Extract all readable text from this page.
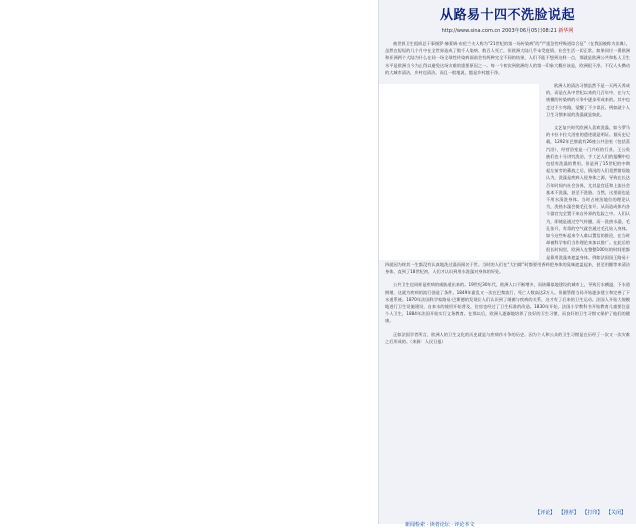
从路易十四不洗脸说起
http://www.sina.com.cn 2003年06月05日08:21 新华网

被世界卫生组织总干事指罗·赫莱姆·布伦兰夫人称为“21世纪的第一场传染病”的“严重急性呼吸道综合征”（在我国被称为非典），虽然在短短的几个月中在全世界造成了数千人染病、数百人死亡，但欧洲大陆几乎未受疫情。社会生活一切正常。如果同讨一番欧洲和亚洲两个大陆为什么在同一场全球性传染病面前会有两种完全不同的结果，人们不能不想到这样一点，那就是欧洲公共和私人卫生水平是欧洲当今为止得以避免这场灾难的重要原因之一。每一个初次到欧洲的人的第一印象大概应该是，欧洲很干净。不仅人头攒动的大城市清洁，乡村也清洁。而且一般地说，越是乡村越干净。

欧洲人的清洁习惯虽然不是一天两天养成的，而是在从中世纪以来的几百年中，在与大规模的传染病的斗争中逐步形成来的。其中也走过不少弯路，觉醒了不少误区。例如就个人卫生习惯来说的洗澡就是如此。

文艺复兴时代欧洲人喜欢洗澡。如今罗马的卡拉卡拉大浴室的遗迹就是明证。据历史记载，1292年巴黎就有26座公共浴室（包括蒸汽浴），经营浴室是一门兴旺的行业。王公贵族们也十分讲究洗浴，手工艺人们的报酬中也包括有洗澡的费用。但是到了15世纪的中期起左前旁的蓄放之后，情况的人们竟然错误地认为，洗澡是疾病入侵身体之源，导致在长达百年时间内社会各界，尤其是宫廷和上流社会基本不洗澡，甚至不洗脸。当然，这里面也是不用水清洗身体。当时占统治地位的理论认为，洗热水澡会使毛孔张开，从而造成体内各个器官完全置于来自外界的危险之中。人们认为，即使是通过空气传播，而一洗热水澡，毛孔张开，有毒的空气就会通过毛孔钻入身体。如今这些听起来令人难以置信的推论，在当时却被科学家们当作理论来加以推广。在此后的很长时间里，欧洲人在整整100年的时间里都是靠用洗澡来遮盖身体。例如法国国王路易十四就因为终其一生都没有认真地洗过澡而闻名于世。当时的人们在“大扫除”时都要用香料把身体的臭味遮盖起来，甚至用醋等来清洁身体，直到了18世纪初，人们才认识到用水洗澡对身体的好处。

公共卫生也同样是疾病的威胁道出来的。19世纪30年代，欧洲人口不断增多，而炫耀似地建设的城市上，导致污水横溢，下水道拥堵，这就为疾病的流行创造了条件。1849年霍乱又一次在巴黎流行，死亡人数高达2万人。但做管理当局开始逐步建立和完善了下水道系统。1870年法国科学家路易·巴斯德的发现让人们认识到了细菌与疾病的关系，这才有了后来的卫生运动。法国人开始大规模地进行卫生设施建设，自来水的使用开始普及，住房也经过了卫生标准的改造。1830年开始，法国小学教科书开始教育儿童要注意个人卫生，1884年法国开始实行义务教育。在那以后，欧洲人逐渐地培养了良好的卫生习惯，而良好的卫生习惯又保护了他们的健康。

正如法国学者所言，欧洲人的卫生文化的历史就是与疾病作斗争的历史。因为个人和公众的卫生习惯是在历经了一次又一次灾难之后形成的。（来源：人民日报）

【评论】 【推荐】 【打印】 【关闭】
新闻检索 · 读者论坛 · 评论本文
